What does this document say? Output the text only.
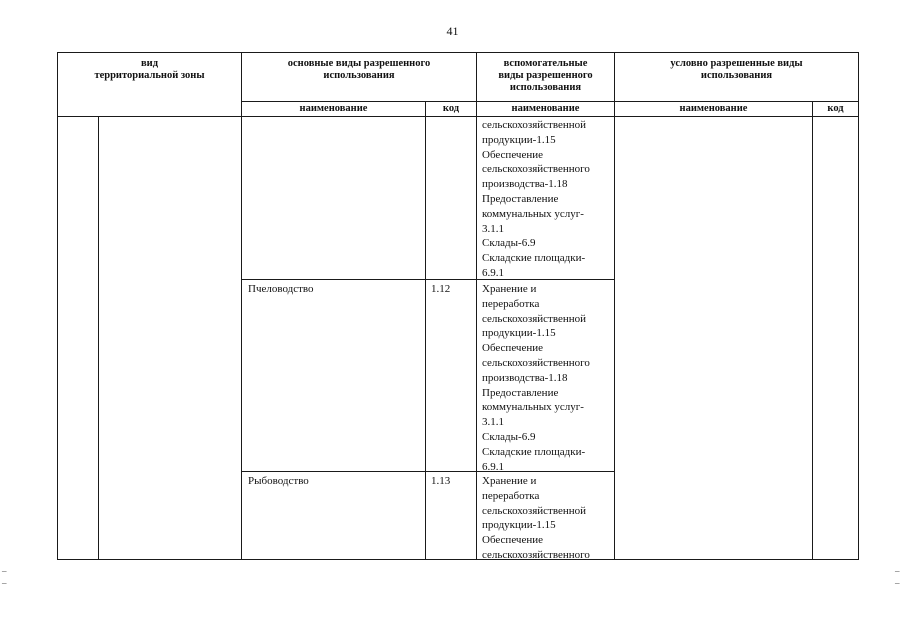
41
вид
территориальной зоны
основные виды разрешенного
использования
вспомогательные
виды разрешенного
использования
условно разрешенные виды
использования
наименование	код	наименование	наименование	код
сельскохозяйственной
продукции-1.15
Обеспечение
сельскохозяйственного
производства-1.18
Предоставление
коммунальных услуг-
3.1.1
Склады-6.9
Складские площадки-
6.9.1
Пчеловодство	1.12	Хранение и
переработка
сельскохозяйственной
продукции-1.15
Обеспечение
сельскохозяйственного
производства-1.18
Предоставление
коммунальных услуг-
3.1.1
Склады-6.9
Складские площадки-
6.9.1
Рыбоводство	1.13	Хранение и
переработка
сельскохозяйственной
продукции-1.15
Обеспечение
сельскохозяйственного
–
–
–
–
